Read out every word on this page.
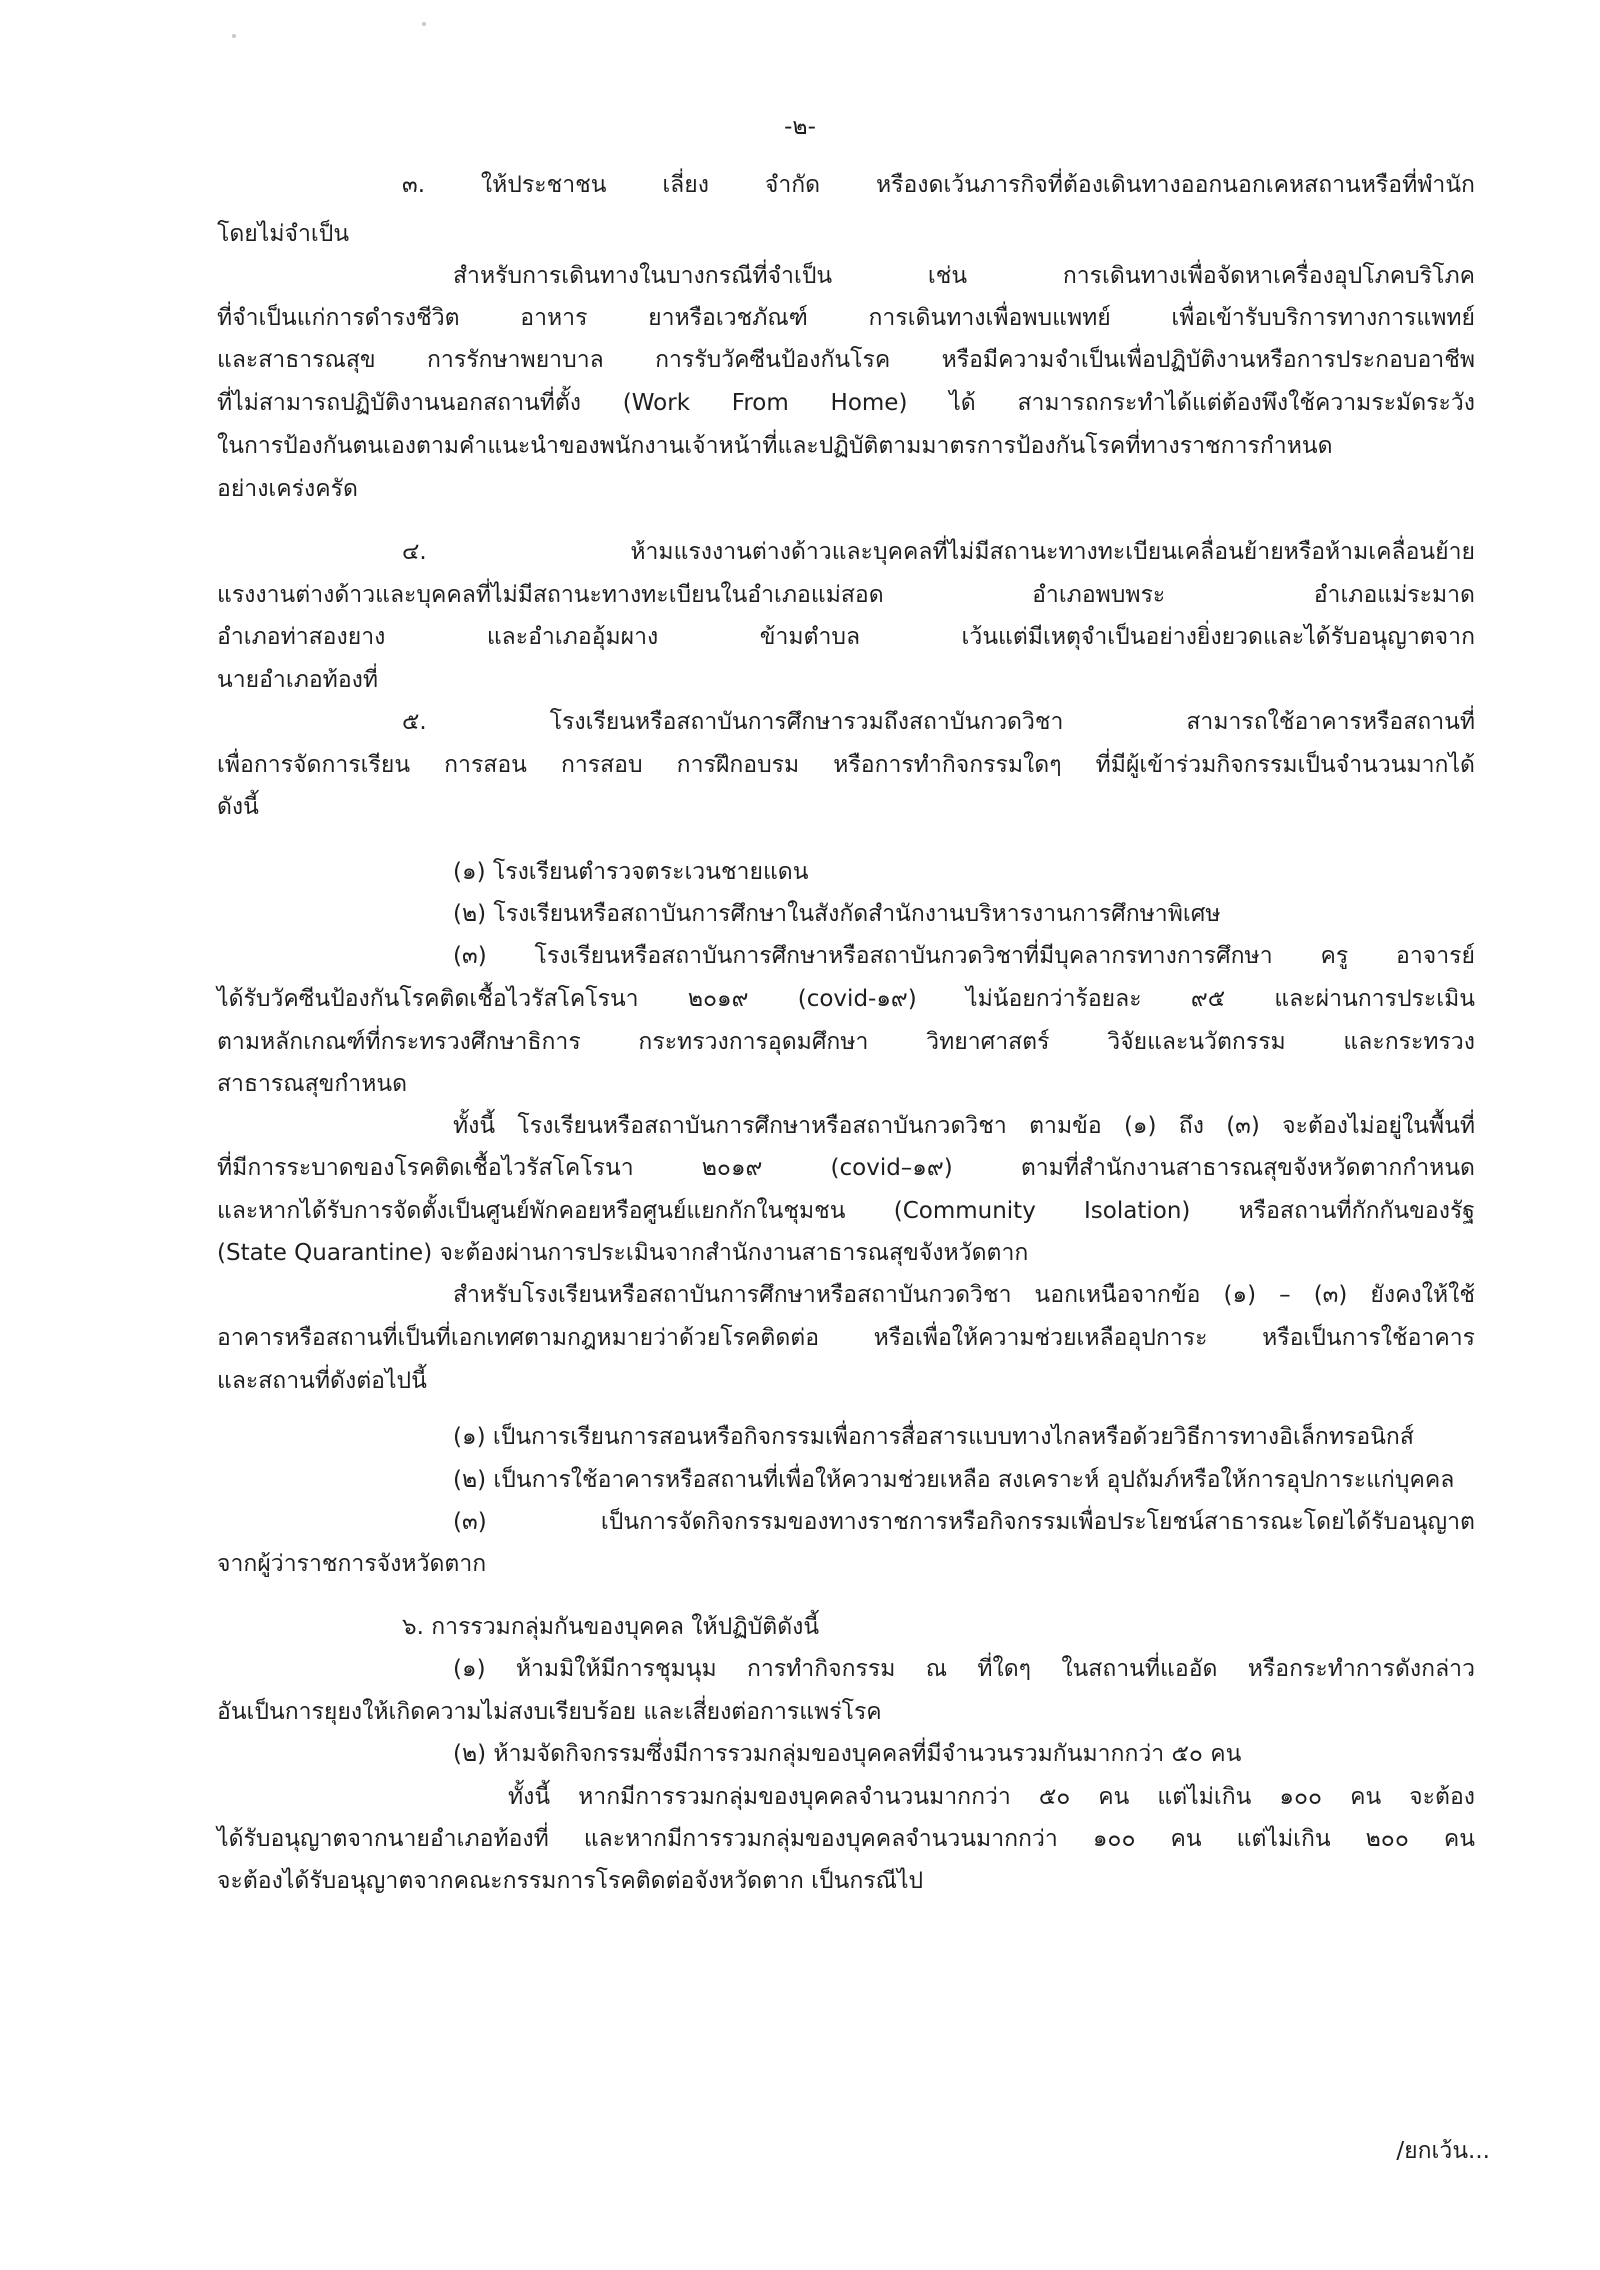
-๒-
๓. ให้ประชาชน เลี่ยง จำกัด หรืองดเว้นภารกิจที่ต้องเดินทางออกนอกเคหสถานหรือที่พำนัก
โดยไม่จำเป็น
สำหรับการเดินทางในบางกรณีที่จำเป็น เช่น การเดินทางเพื่อจัดหาเครื่องอุปโภคบริโภค
ที่จำเป็นแก่การดำรงชีวิต อาหาร ยาหรือเวชภัณฑ์ การเดินทางเพื่อพบแพทย์ เพื่อเข้ารับบริการทางการแพทย์
และสาธารณสุข การรักษาพยาบาล การรับวัคซีนป้องกันโรค หรือมีความจำเป็นเพื่อปฏิบัติงานหรือการประกอบอาชีพ
ที่ไม่สามารถปฏิบัติงานนอกสถานที่ตั้ง (Work From Home) ได้ สามารถกระทำได้แต่ต้องพึงใช้ความระมัดระวัง
ในการป้องกันตนเองตามคำแนะนำของพนักงานเจ้าหน้าที่และปฏิบัติตามมาตรการป้องกันโรคที่ทางราชการกำหนด
อย่างเคร่งครัด
๔. ห้ามแรงงานต่างด้าวและบุคคลที่ไม่มีสถานะทางทะเบียนเคลื่อนย้ายหรือห้ามเคลื่อนย้าย
แรงงานต่างด้าวและบุคคลที่ไม่มีสถานะทางทะเบียนในอำเภอแม่สอด อำเภอพบพระ อำเภอแม่ระมาด
อำเภอท่าสองยาง และอำเภออุ้มผาง ข้ามตำบล เว้นแต่มีเหตุจำเป็นอย่างยิ่งยวดและได้รับอนุญาตจาก
นายอำเภอท้องที่
๕. โรงเรียนหรือสถาบันการศึกษารวมถึงสถาบันกวดวิชา สามารถใช้อาคารหรือสถานที่
เพื่อการจัดการเรียน การสอน การสอบ การฝึกอบรม หรือการทำกิจกรรมใดๆ ที่มีผู้เข้าร่วมกิจกรรมเป็นจำนวนมากได้
ดังนี้
(๑) โรงเรียนตำรวจตระเวนชายแดน
(๒) โรงเรียนหรือสถาบันการศึกษาในสังกัดสำนักงานบริหารงานการศึกษาพิเศษ
(๓) โรงเรียนหรือสถาบันการศึกษาหรือสถาบันกวดวิชาที่มีบุคลากรทางการศึกษา ครู อาจารย์
ได้รับวัคซีนป้องกันโรคติดเชื้อไวรัสโคโรนา ๒๐๑๙ (covid-๑๙) ไม่น้อยกว่าร้อยละ ๙๕ และผ่านการประเมิน
ตามหลักเกณฑ์ที่กระทรวงศึกษาธิการ กระทรวงการอุดมศึกษา วิทยาศาสตร์ วิจัยและนวัตกรรม และกระทรวง
สาธารณสุขกำหนด
ทั้งนี้ โรงเรียนหรือสถาบันการศึกษาหรือสถาบันกวดวิชา ตามข้อ (๑) ถึง (๓) จะต้องไม่อยู่ในพื้นที่
ที่มีการระบาดของโรคติดเชื้อไวรัสโคโรนา ๒๐๑๙ (covid–๑๙) ตามที่สำนักงานสาธารณสุขจังหวัดตากกำหนด
และหากได้รับการจัดตั้งเป็นศูนย์พักคอยหรือศูนย์แยกกักในชุมชน (Community Isolation) หรือสถานที่กักกันของรัฐ
(State Quarantine) จะต้องผ่านการประเมินจากสำนักงานสาธารณสุขจังหวัดตาก
สำหรับโรงเรียนหรือสถาบันการศึกษาหรือสถาบันกวดวิชา นอกเหนือจากข้อ (๑) – (๓) ยังคงให้ใช้
อาคารหรือสถานที่เป็นที่เอกเทศตามกฎหมายว่าด้วยโรคติดต่อ หรือเพื่อให้ความช่วยเหลืออุปการะ หรือเป็นการใช้อาคาร
และสถานที่ดังต่อไปนี้
(๑) เป็นการเรียนการสอนหรือกิจกรรมเพื่อการสื่อสารแบบทางไกลหรือด้วยวิธีการทางอิเล็กทรอนิกส์
(๒) เป็นการใช้อาคารหรือสถานที่เพื่อให้ความช่วยเหลือ สงเคราะห์ อุปถัมภ์หรือให้การอุปการะแก่บุคคล
(๓) เป็นการจัดกิจกรรมของทางราชการหรือกิจกรรมเพื่อประโยชน์สาธารณะโดยได้รับอนุญาต
จากผู้ว่าราชการจังหวัดตาก
๖. การรวมกลุ่มกันของบุคคล ให้ปฏิบัติดังนี้
(๑) ห้ามมิให้มีการชุมนุม การทำกิจกรรม ณ ที่ใดๆ ในสถานที่แออัด หรือกระทำการดังกล่าว
อันเป็นการยุยงให้เกิดความไม่สงบเรียบร้อย และเสี่ยงต่อการแพร่โรค
(๒) ห้ามจัดกิจกรรมซึ่งมีการรวมกลุ่มของบุคคลที่มีจำนวนรวมกันมากกว่า ๕๐ คน
ทั้งนี้ หากมีการรวมกลุ่มของบุคคลจำนวนมากกว่า ๕๐ คน แต่ไม่เกิน ๑๐๐ คน จะต้อง
ได้รับอนุญาตจากนายอำเภอท้องที่ และหากมีการรวมกลุ่มของบุคคลจำนวนมากกว่า ๑๐๐ คน แต่ไม่เกิน ๒๐๐ คน
จะต้องได้รับอนุญาตจากคณะกรรมการโรคติดต่อจังหวัดตาก เป็นกรณีไป
/ยกเว้น...
